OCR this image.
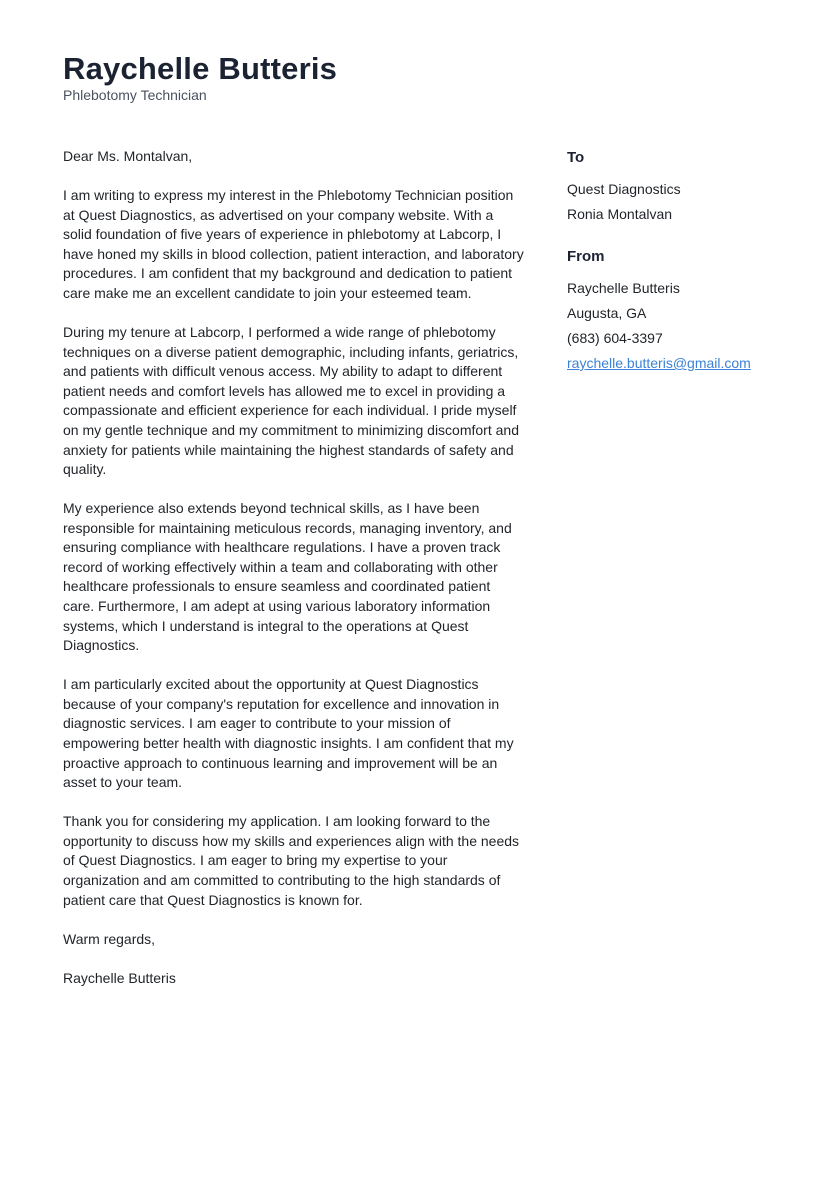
Raychelle Butteris
Phlebotomy Technician

Dear Ms. Montalvan,

I am writing to express my interest in the Phlebotomy Technician position at Quest Diagnostics, as advertised on your company website. With a solid foundation of five years of experience in phlebotomy at Labcorp, I have honed my skills in blood collection, patient interaction, and laboratory procedures. I am confident that my background and dedication to patient care make me an excellent candidate to join your esteemed team.

During my tenure at Labcorp, I performed a wide range of phlebotomy techniques on a diverse patient demographic, including infants, geriatrics, and patients with difficult venous access. My ability to adapt to different patient needs and comfort levels has allowed me to excel in providing a compassionate and efficient experience for each individual. I pride myself on my gentle technique and my commitment to minimizing discomfort and anxiety for patients while maintaining the highest standards of safety and quality.

My experience also extends beyond technical skills, as I have been responsible for maintaining meticulous records, managing inventory, and ensuring compliance with healthcare regulations. I have a proven track record of working effectively within a team and collaborating with other healthcare professionals to ensure seamless and coordinated patient care. Furthermore, I am adept at using various laboratory information systems, which I understand is integral to the operations at Quest Diagnostics.

I am particularly excited about the opportunity at Quest Diagnostics because of your company's reputation for excellence and innovation in diagnostic services. I am eager to contribute to your mission of empowering better health with diagnostic insights. I am confident that my proactive approach to continuous learning and improvement will be an asset to your team.

Thank you for considering my application. I am looking forward to the opportunity to discuss how my skills and experiences align with the needs of Quest Diagnostics. I am eager to bring my expertise to your organization and am committed to contributing to the high standards of patient care that Quest Diagnostics is known for.

Warm regards,

Raychelle Butteris

To
Quest Diagnostics
Ronia Montalvan
From
Raychelle Butteris
Augusta, GA
(683) 604-3397
raychelle.butteris@gmail.com
